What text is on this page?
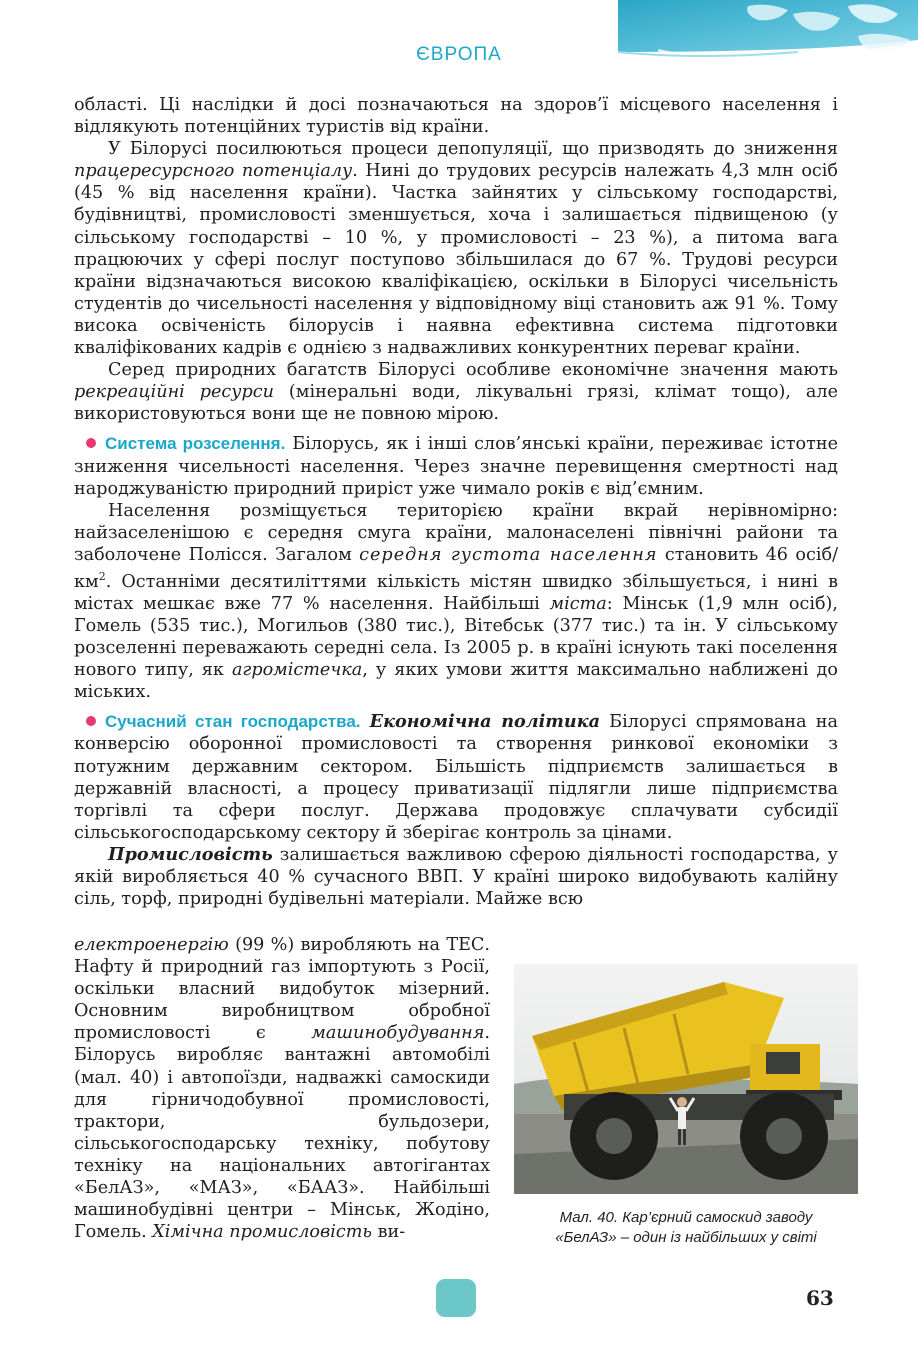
ЄВРОПА

області. Ці наслідки й досі позначаються на здоров’ї місцевого населення і відлякують потенційних туристів від країни.

У Білорусі посилюються процеси депопуляції, що призводять до зниження працересурсного потенціалу. Нині до трудових ресурсів належать 4,3 млн осіб (45 % від населення країни). Частка зайнятих у сільському господарстві, будівництві, промисловості зменшується, хоча і залишається підвищеною (у сільському господарстві – 10 %, у промисловості – 23 %), а питома вага працюючих у сфері послуг поступово збільшилася до 67 %. Трудові ресурси країни відзначаються високою кваліфікацією, оскільки в Білорусі чисельність студентів до чисельності населення у відповідному віці становить аж 91 %. Тому висока освіченість білорусів і наявна ефективна система підготовки кваліфікованих кадрів є однією з надважливих конкурентних переваг країни.

Серед природних багатств Білорусі особливе економічне значення мають рекреаційні ресурси (мінеральні води, лікувальні грязі, клімат тощо), але використовуються вони ще не повною мірою.

Система розселення. Білорусь, як і інші слов’янські країни, переживає істотне зниження чисельності населення. Через значне перевищення смертності над народжуваністю природний приріст уже чимало років є від’ємним.

Населення розміщується територією країни вкрай нерівномірно: найзаселенішою є середня смуга країни, малонаселені північні райони та заболочене Полісся. Загалом середня густота населення становить 46 осіб/$км^2$. Останніми десятиліттями кількість містян швидко збільшується, і нині в містах мешкає вже 77 % населення. Найбільші міста: Мінськ (1,9 млн осіб), Гомель (535 тис.), Могильов (380 тис.), Вітебськ (377 тис.) та ін. У сільському розселенні переважають середні села. Із 2005 р. в країні існують такі поселення нового типу, як агромістечка, у яких умови життя максимально наближені до міських.

Сучасний стан господарства. Економічна політика Білорусі спрямована на конверсію оборонної промисловості та створення ринкової економіки з потужним державним сектором. Більшість підприємств залишається в державній власності, а процесу приватизації підлягли лише підприємства торгівлі та сфери послуг. Держава продовжує сплачувати субсидії сільськогосподарському сектору й зберігає контроль за цінами.

Промисловість залишається важливою сферою діяльності господарства, у якій виробляється 40 % сучасного ВВП. У країні широко видобувають калійну сіль, торф, природні будівельні матеріали. Майже всю

електроенергію (99 %) виробляють на ТЕС. Нафту й природний газ імпортують з Росії, оскільки власний видобуток мізерний. Основним виробництвом обробної промисловості є машинобудування. Білорусь виробляє вантажні автомобілі (мал. 40) і автопоїзди, надважкі самоскиди для гірничодобувної промисловості, трактори, бульдозери, сільськогосподарську техніку, побутову техніку на національних автогігантах «БелАЗ», «МАЗ», «БААЗ». Найбільші машинобудівні центри – Мінськ, Жодіно, Гомель. Хімічна промисловість ви-

Мал. 40. Кар’єрний самоскид заводу
«БелАЗ» – один із найбільших у світі
63
